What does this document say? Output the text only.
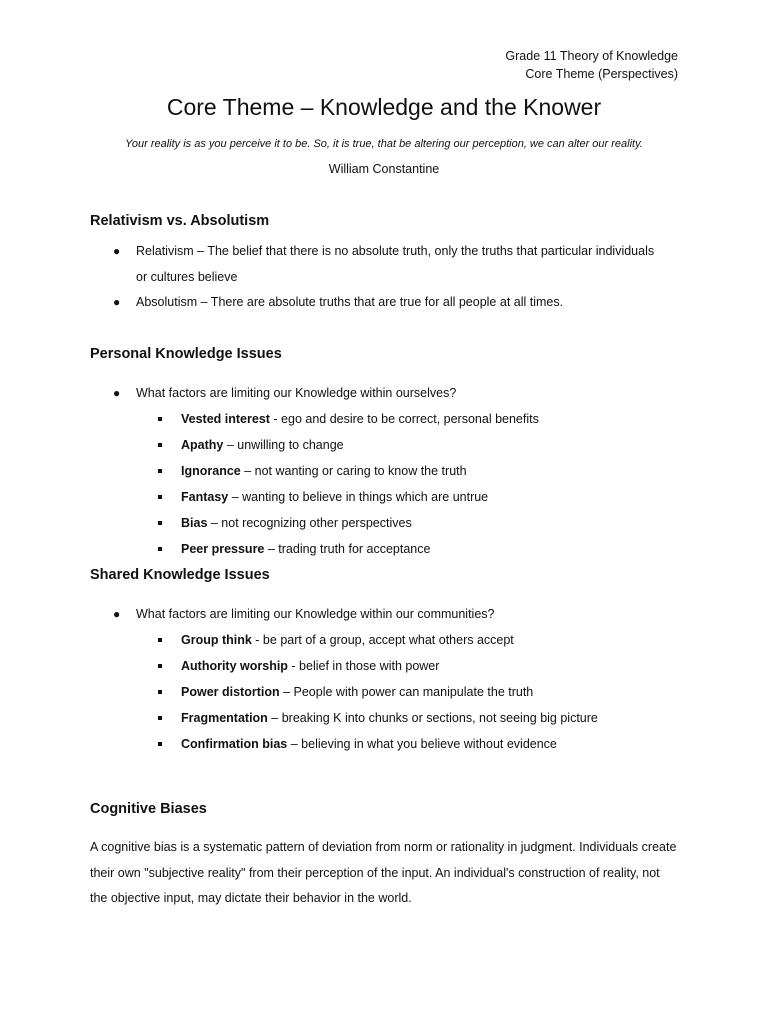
Grade 11 Theory of Knowledge
Core Theme (Perspectives)
Core Theme – Knowledge and the Knower
Your reality is as you perceive it to be. So, it is true, that be altering our perception, we can alter our reality.
William Constantine
Relativism vs. Absolutism
● Relativism – The belief that there is no absolute truth, only the truths that particular individuals
or cultures believe
● Absolutism – There are absolute truths that are true for all people at all times.
Personal Knowledge Issues
● What factors are limiting our Knowledge within ourselves?
Vested interest - ego and desire to be correct, personal benefits
Apathy – unwilling to change
Ignorance – not wanting or caring to know the truth
Fantasy – wanting to believe in things which are untrue
Bias – not recognizing other perspectives
Peer pressure – trading truth for acceptance
Shared Knowledge Issues
● What factors are limiting our Knowledge within our communities?
Group think - be part of a group, accept what others accept
Authority worship - belief in those with power
Power distortion – People with power can manipulate the truth
Fragmentation – breaking K into chunks or sections, not seeing big picture
Confirmation bias – believing in what you believe without evidence
Cognitive Biases
A cognitive bias is a systematic pattern of deviation from norm or rationality in judgment. Individuals create
their own "subjective reality" from their perception of the input. An individual's construction of reality, not
the objective input, may dictate their behavior in the world.
